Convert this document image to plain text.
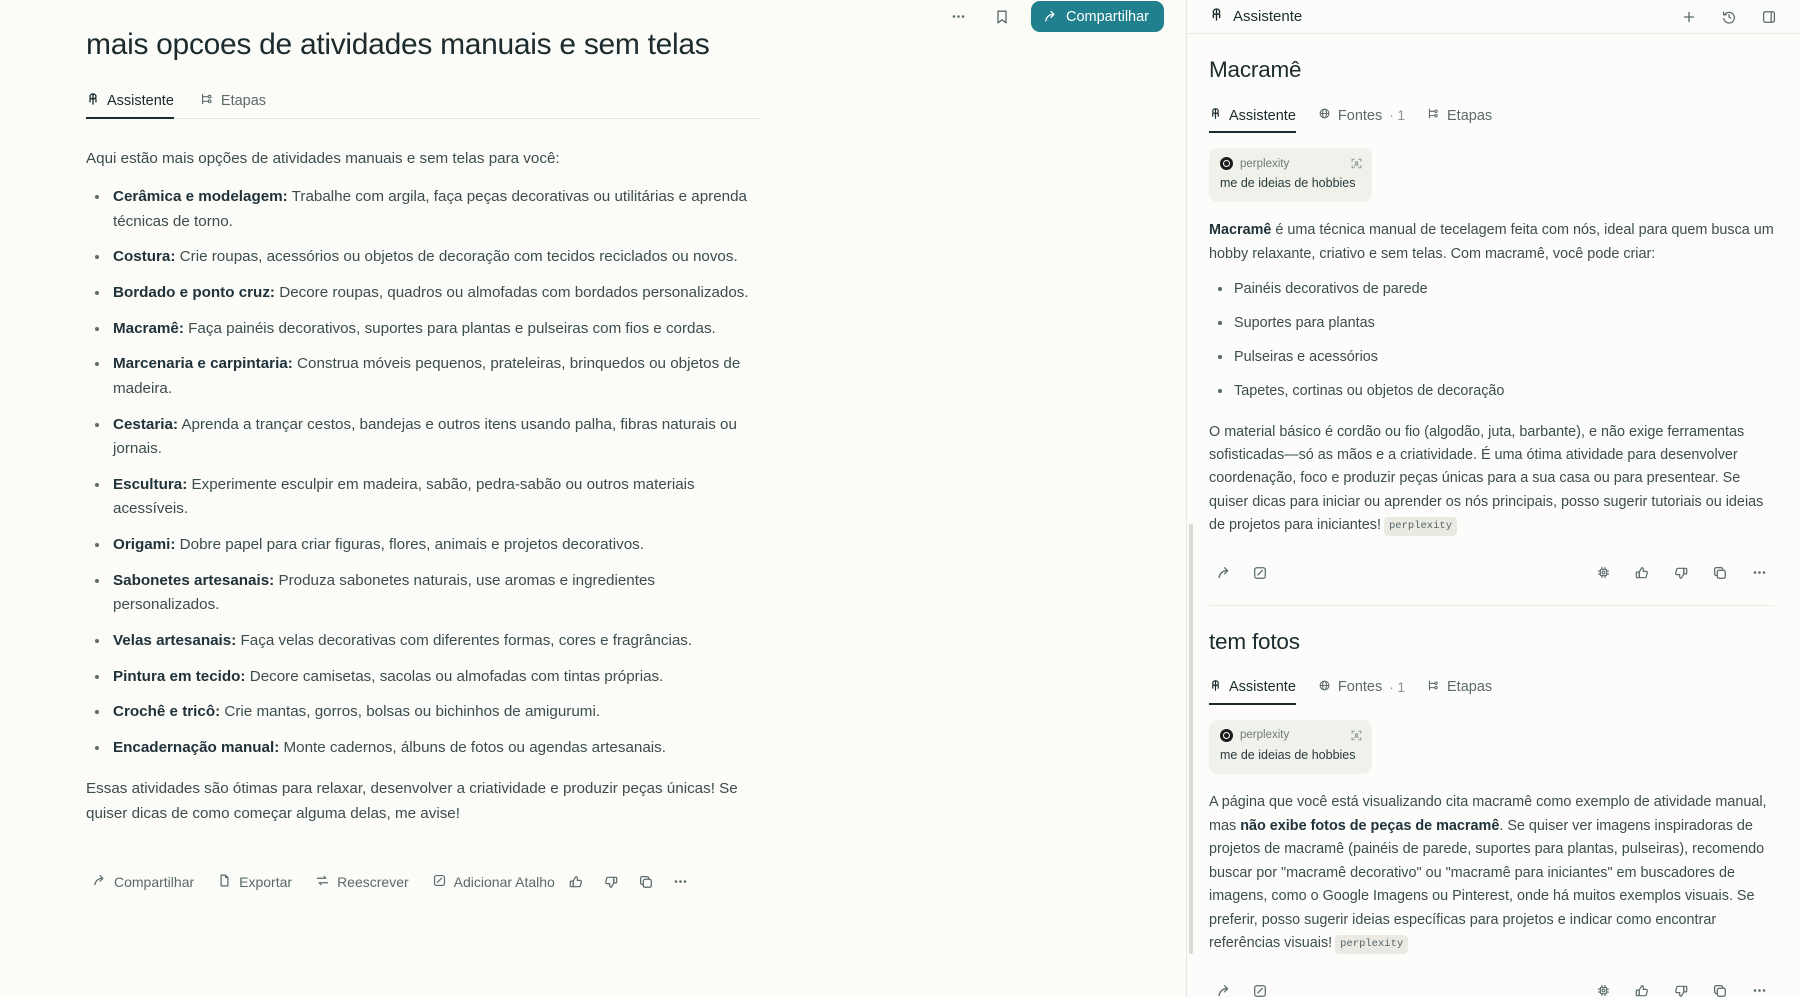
Compartilhar
mais opcoes de atividades manuais e sem telas
Assistente	Etapas

Aqui estão mais opções de atividades manuais e sem telas para você:

Cerâmica e modelagem: Trabalhe com argila, faça peças decorativas ou utilitárias e aprenda técnicas de torno.
Costura: Crie roupas, acessórios ou objetos de decoração com tecidos reciclados ou novos.
Bordado e ponto cruz: Decore roupas, quadros ou almofadas com bordados personalizados.
Macramê: Faça painéis decorativos, suportes para plantas e pulseiras com fios e cordas.
Marcenaria e carpintaria: Construa móveis pequenos, prateleiras, brinquedos ou objetos de madeira.
Cestaria: Aprenda a trançar cestos, bandejas e outros itens usando palha, fibras naturais ou jornais.
Escultura: Experimente esculpir em madeira, sabão, pedra-sabão ou outros materiais acessíveis.
Origami: Dobre papel para criar figuras, flores, animais e projetos decorativos.
Sabonetes artesanais: Produza sabonetes naturais, use aromas e ingredientes personalizados.
Velas artesanais: Faça velas decorativas com diferentes formas, cores e fragrâncias.
Pintura em tecido: Decore camisetas, sacolas ou almofadas com tintas próprias.
Crochê e tricô: Crie mantas, gorros, bolsas ou bichinhos de amigurumi.
Encadernação manual: Monte cadernos, álbuns de fotos ou agendas artesanais.

Essas atividades são ótimas para relaxar, desenvolver a criatividade e produzir peças únicas! Se quiser dicas de como começar alguma delas, me avise!

Compartilhar	Exportar	Reescrever	Adicionar Atalho
Assistente
Macramê
Assistente	Fontes · 1	Etapas
perplexity
me de ideias de hobbies

Macramê é uma técnica manual de tecelagem feita com nós, ideal para quem busca um hobby relaxante, criativo e sem telas. Com macramê, você pode criar:

Painéis decorativos de parede
Suportes para plantas
Pulseiras e acessórios
Tapetes, cortinas ou objetos de decoração

O material básico é cordão ou fio (algodão, juta, barbante), e não exige ferramentas sofisticadas—só as mãos e a criatividade. É uma ótima atividade para desenvolver coordenação, foco e produzir peças únicas para a sua casa ou para presentear. Se quiser dicas para iniciar ou aprender os nós principais, posso sugerir tutoriais ou ideias de projetos para iniciantes! perplexity

tem fotos
Assistente	Fontes · 1	Etapas
perplexity
me de ideias de hobbies

A página que você está visualizando cita macramê como exemplo de atividade manual, mas não exibe fotos de peças de macramê. Se quiser ver imagens inspiradoras de projetos de macramê (painéis de parede, suportes para plantas, pulseiras), recomendo buscar por "macramê decorativo" ou "macramê para iniciantes" em buscadores de imagens, como o Google Imagens ou Pinterest, onde há muitos exemplos visuais. Se preferir, posso sugerir ideias específicas para projetos e indicar como encontrar referências visuais! perplexity
